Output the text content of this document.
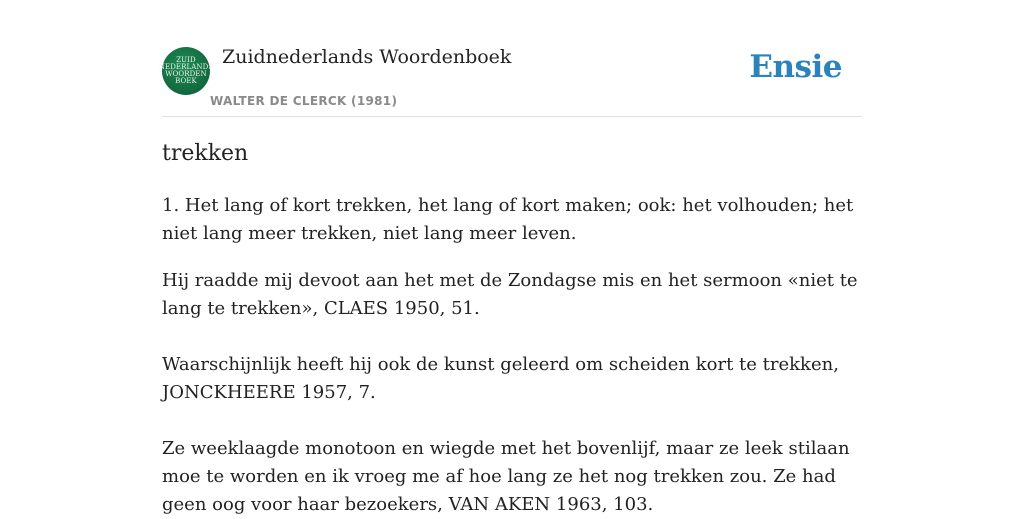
ZUID
NEDERLANDS
WOORDEN
BOEK
Zuidnederlands Woordenboek
WALTER DE CLERCK (1981)
Ensie
trekken

1. Het lang of kort trekken, het lang of kort maken; ook: het volhouden; het niet lang meer trekken, niet lang meer leven.

Hij raadde mij devoot aan het met de Zondagse mis en het sermoon «niet te lang te trekken», CLAES 1950, 51.

Waarschijnlijk heeft hij ook de kunst geleerd om scheiden kort te trekken, JONCKHEERE 1957, 7.

Ze weeklaagde monotoon en wiegde met het bovenlijf, maar ze leek stilaan moe te worden en ik vroeg me af hoe lang ze het nog trekken zou. Ze had geen oog voor haar bezoekers, VAN AKEN 1963, 103.
